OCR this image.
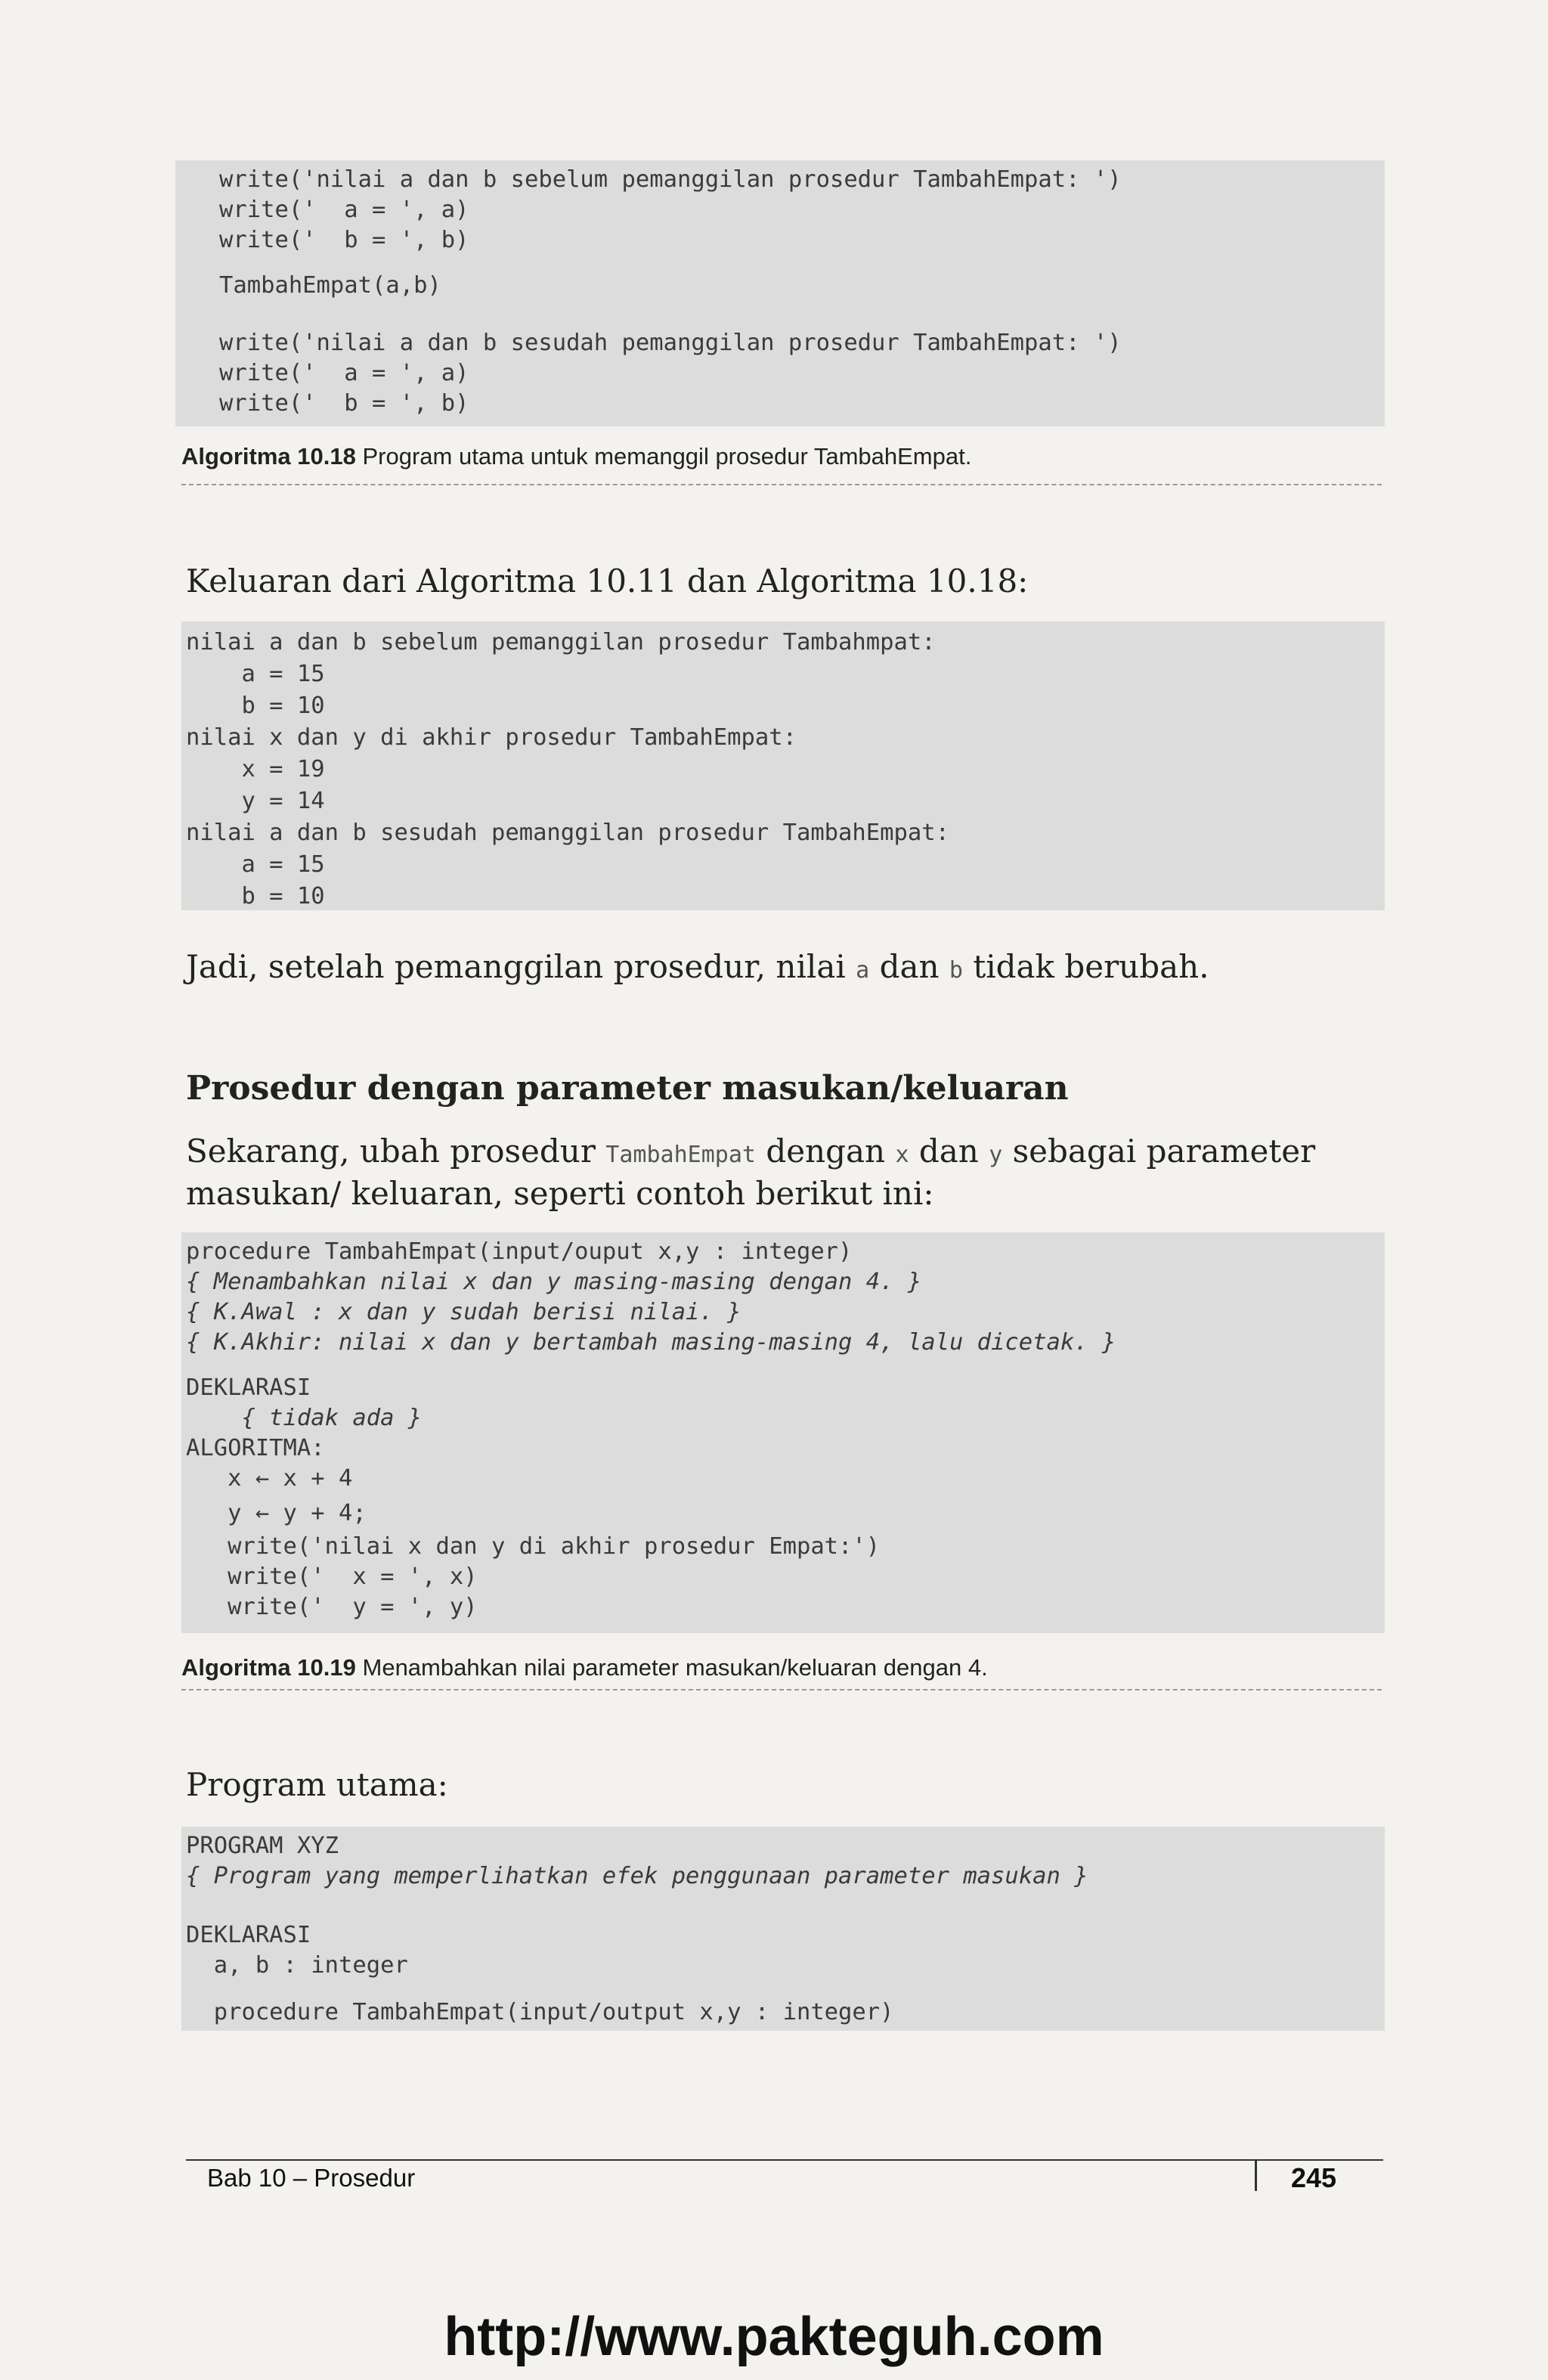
write('nilai a dan b sebelum pemanggilan prosedur TambahEmpat: ')
write('  a = ', a)
write('  b = ', b)
TambahEmpat(a,b)
write('nilai a dan b sesudah pemanggilan prosedur TambahEmpat: ')
write('  a = ', a)
write('  b = ', b)
Algoritma 10.18 Program utama untuk memanggil prosedur TambahEmpat.
Keluaran dari Algoritma 10.11 dan Algoritma 10.18:
nilai a dan b sebelum pemanggilan prosedur Tambahmpat:
a = 15
b = 10
nilai x dan y di akhir prosedur TambahEmpat:
x = 19
y = 14
nilai a dan b sesudah pemanggilan prosedur TambahEmpat:
a = 15
b = 10
Jadi, setelah pemanggilan prosedur, nilai a dan b tidak berubah.
Prosedur dengan parameter masukan/keluaran
Sekarang, ubah prosedur TambahEmpat dengan x dan y sebagai parameter
masukan/ keluaran, seperti contoh berikut ini:
procedure TambahEmpat(input/ouput x,y : integer)
{ Menambahkan nilai x dan y masing-masing dengan 4. }
{ K.Awal : x dan y sudah berisi nilai. }
{ K.Akhir: nilai x dan y bertambah masing-masing 4, lalu dicetak. }
DEKLARASI
{ tidak ada }
ALGORITMA:
x ← x + 4
y ← y + 4;
write('nilai x dan y di akhir prosedur Empat:')
write('  x = ', x)
write('  y = ', y)
Algoritma 10.19 Menambahkan nilai parameter masukan/keluaran dengan 4.
Program utama:
PROGRAM XYZ
{ Program yang memperlihatkan efek penggunaan parameter masukan }
DEKLARASI
a, b : integer
procedure TambahEmpat(input/output x,y : integer)
Bab 10 – Prosedur	245
http://www.pakteguh.com
